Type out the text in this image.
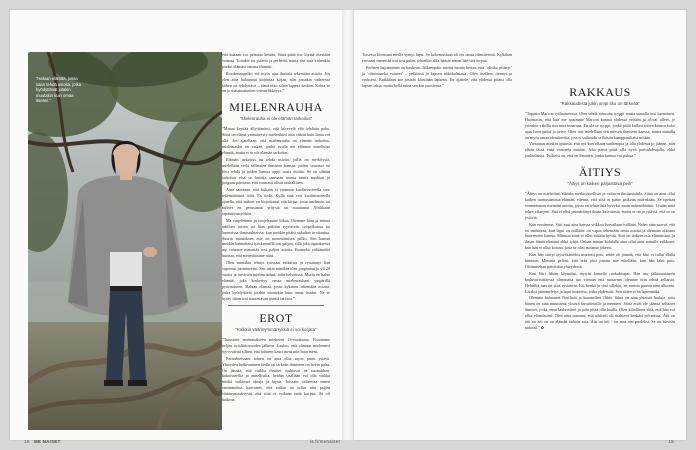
”Haluan elämää, jossa saan tehdä asioita, jotka hyödyttävät jotakin muutakin kuin omaa itseäni.”

että kukaan voi pelastaa ketään. Siinä pitää itse löytää itsestään voimaa. Tottakai on ystäviä ja perhettä, mutta itse sinä kuitenkin joudut elämäsi omana elämäsi.

Rocdemanpelko voi myös ajaa ihmistä tekemään asioita. Jos olen aina haluannut kirjoittaa kirjan, niin jossakin vaiheessa siihen on ryhdyttävä – tämä oiko siltaa loppua kesken. Kohta se on jo mataimaisttien toteutelikkeyys.”

MIELENRAUHA
”Mielenrauha ei ole elämän tarkoitus”

”Minua kryttää ällyttömästi, että kiirevelä eliä tehdään paho. Siinä on elämä ymmärrevty mielenhiivi niin väärin kuin hinta voi olla. Jos ajatellaan, että mielenrauha on elämän tarkoitus, mielenrauha on vaikee, jonka avulla me elämme ennelluisa elämää, mutta ei se ole elämän tarkoitus.

Elämän tarkoitus on tehdä asioita, joilla on merkitystä, mielellään vielä sellaisten ihmisten kanssa, joiden seurassa on hiva tehdä ja joiden kanssa oppii uusia asioita. Se on silmän tarkoitus elsä se, kuinka saamaan monta tuntia mediton ja joogaan päivässä, että varmasti olisin rauhallinen.

Aina sanotaan, että kukaan ei varmaan kuolinvuoteella sure tekemättömiä töitä. En tiedä. Kyllä sinä voit kuolinvuoteella ajatella, että mikset en kirjoittanut sitä kirjaa, josta unelmoin tai mikset en perustanut yritystä tai muuttanut Afrikkaan rapautiiraatyöhön.

Me varjelemme ja suojelemme liikaa. Olemme liian ja minua arkiloes toisen tai liian pitkään tyyrtereisi työpaikoissa tai huonoissa ihmissuhteissa, kun meidän pitäisi uskaltaa irrottautua. Suurin muutoksen este on menettämisen pelko. Sen kanssa meidän kannattaisi työskennellä tosi paljon, sillä joka tapauksessa me voimme menettää tosi paljon asioita. Emmekö välttämättä huonaa, että menettäisime niitä.

Olen miniäkin tehnyt työssäni tutkaisia ja ryssännyt lian supressit juomineetni. Sen takia minäkin olen jongännut jo yli 20 vuotta ja tarvitsen mielenrauhaa, tottu helvetissä. Mutta en halua elämää, joka koskettyy omaa mielenrauhani ympärillä pyörimiseen. Haluan elämää, jossa kykenen tekemään asioita, jotka hyödyttävät jotakin muutakin kuin omaa itseäni. Ne se hyöty siiten tosi naurettavan pieniä tai isoa.”

EROT
”Kaikkia väärinymmärryksiä ei voi korjata”

”Tutustuin ensimmäiseen mieheeni 13-vuotiaana. Eroaimme neljän avioliittovuoden jälkeen. Lauloo, että olimme mielenmsi tyyvyväisiä sillien, että suhteen kauri meni niin huin meni.

Parisuhteissani toinen on aina ollut myös paras ystävä. Yhteyden katkeaminen tiedle tai tärkeän ihmiseen on hovin pahu. On jännää, että vaikka ihmiset vaihtuvat ne suomuihen, kukoistavilta ja onnellisilta, heidän sisällään voi olla vaikka minkä saikoissa aktuja ja kipua. Joissain vaiheessa ennen ensimmäista haavateet, että vältän on tullut niin paljon väärinymmärrystä, että siitä ei voikaan enää korjata. Se oli haikeaa.

Toisessa liitossani meille syntyi lapsi. Se kokemustaan oli ois omaa identiteettiä. Kyllähän erossani menettää tosi tosi palan, johonkin aika haaste ennen hän sitä torpoa.

Perheen hajoaminen on kauhean. Jälkeenpäin mietin monta kertaa, että ’olisiko pitänyt’ ja ’olisimmeko voineet’ – pelkiissä jo lapsen näkökulmasta. Olen itselleen tiennyt ja erokseni. Kaikkihan me jostain kärsitään lapsena. En ajattele, että yhdessä pitäisi olla lapsen takia, mutta kyllä minä sen kin yuosiensa.”	RAKKAUS
”Rakkaudesta jokin ompi itku on tärkeää”

”Tapasin Marcon työhuoneessa. Olen tehdä ottavana tyyppi mutta samalla tosi itsenäinen. Huomasin, että kun me aoaimme Marcon kanssa yhdessä eettään ja olivat olleet, je jotenkin vähillä riso mua innaruaa. En ole se tyyppi, jonka pitää kulkea toisen kanssa koko ajan Isote paitsi ja juvee. Olen tosi mielellään sen miesen ihmiseni kanssa, mutta minulla on myös omaa identiteettiä, jota ei sotkeudu sellaisiin kumppaniltaisi mitään.

Vierautan niinkin ajatusta, että nyt kun ollaan vanhempia ja olla yhdessä jo jäänne, niin elhän tässä enää vanoseta mitään. Joka päivä pitää olla hyvä parisuhdeajalla, ehkä jonkinlaista. Työkeisi on, että on ihminen, jonka kanssa voi puhua.”

ÄITIYS
”Äitiys on kaiken parjaistava peili”

”Äitiys on mieletönsi elämän merkityksellisin ja valtavin ilmiöasiohde. Siinä on aina ollut kaiken tunnustamista elämän, ettensä, että siitä ei pääse paikoan mitenkään. Se opettaa rimmemman itsemäni asioita, joista en tehtävästä hyvyksi muin aaltonähtäästi. Lisään mitä tehee vikrojeni. Sitä ei olisi ymmärtänyt ilman kasvatusta, mutta se on ja ystäviä, että se on ystäviä.

Kun erosimme, Siiri asui aina kanssa viikkoa korvallaan isällään. Nahet aina saavat, että on mahtavaa, kun lapsi on isällään: on vapaa tehemään omia asioita ja olemaan oikeana haavemien kanssa. Minusta siinä ei ollut mitään hyvää. Siiri on tärkein asia elämässäni, ja ilman häntä elämäni ehkä tyhjä. Onhan minun kohdalla aina ollut aina minulle viikkona, kun hän ei ollut kotona, jotta se olisi auttanut jokeen.

Kun hän siirtyi täysi-ikäiseksi murrotti pois, sekin oli jännää, että käsi ei tullut illalla binnaan. Minusta pelotti, että erää jäisi jostain näe etkellään, kun hän lähti pois. Oleimmehan päivittäin yhteydessä.

Kun Siiri lähtee käymään, täytyin kamelle ruokakaupat. Hän asu jälkimmäiseen lauluvnrettäisessä olimmatta tuo vieraan että naisarnes olemme niin tehdä sellaisia. Helmiltä taas on siitä systaavia. Isä, kenkä ja sinä sillekin, en muista puusta aina ulkoaan. Lisäksi jäämmeletys ja lapsi tuuteissa, jotka yhdessäsi. Sen sitten ei hä lapsennäki.

Olemme haluaneet Netflixiä ja kuuntelleet Iltbiä. Siinä on aina yhteisiä lauluja, joita hänen on aina muuttanut yksistä kuvatietoille ja menneet. Siinä eivät ole jäämiä sellaiset ihmiset, jotka omat lauluvideot ja joita pitää olla kuulla. Olen kiitollinen siitä, että hän voi ollut elämässäni. Olen aina sanonut, että uikkieli oli mahtava kenkäsi jelvanttaa. Äiti on äiti on äiti on on elämän tärkein asia. Äiti on äiti - on aina sen puoleksi. Se on hirveän tärkeää.” ✿

18 ME NAISET	is.fi/menaiset	19
